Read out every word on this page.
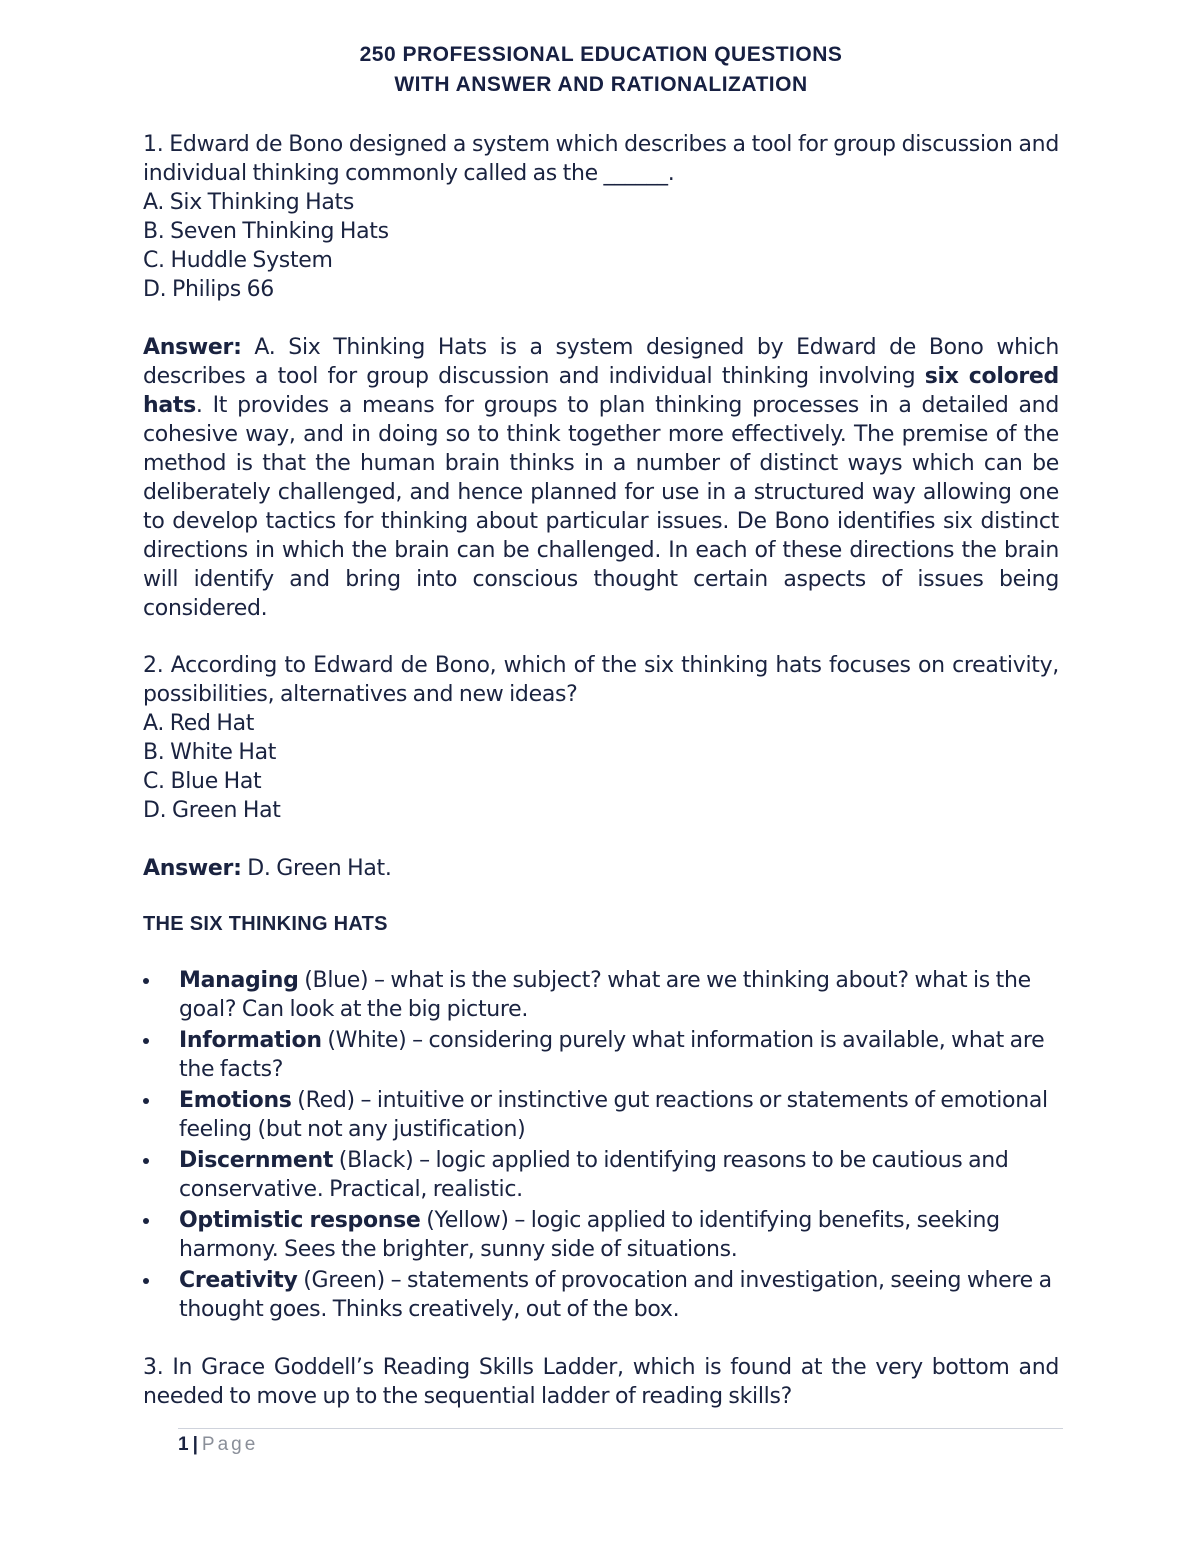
250 PROFESSIONAL EDUCATION QUESTIONS
WITH ANSWER AND RATIONALIZATION
1. Edward de Bono designed a system which describes a tool for group discussion and individual thinking commonly called as the ______.
A. Six Thinking Hats
B. Seven Thinking Hats
C. Huddle System
D. Philips 66

Answer: A. Six Thinking Hats is a system designed by Edward de Bono which describes a tool for group discussion and individual thinking involving six colored hats. It provides a means for groups to plan thinking processes in a detailed and cohesive way, and in doing so to think together more effectively. The premise of the method is that the human brain thinks in a number of distinct ways which can be deliberately challenged, and hence planned for use in a structured way allowing one to develop tactics for thinking about particular issues. De Bono identifies six distinct directions in which the brain can be challenged. In each of these directions the brain will identify and bring into conscious thought certain aspects of issues being considered.

2. According to Edward de Bono, which of the six thinking hats focuses on creativity, possibilities, alternatives and new ideas?
A. Red Hat
B. White Hat
C. Blue Hat
D. Green Hat

Answer: D. Green Hat.

THE SIX THINKING HATS
Managing (Blue) – what is the subject? what are we thinking about? what is the goal? Can look at the big picture.
Information (White) – considering purely what information is available, what are the facts?
Emotions (Red) – intuitive or instinctive gut reactions or statements of emotional feeling (but not any justification)
Discernment (Black) – logic applied to identifying reasons to be cautious and conservative. Practical, realistic.
Optimistic response (Yellow) – logic applied to identifying benefits, seeking harmony. Sees the brighter, sunny side of situations.
Creativity (Green) – statements of provocation and investigation, seeing where a thought goes. Thinks creatively, out of the box.

3. In Grace Goddell’s Reading Skills Ladder, which is found at the very bottom and needed to move up to the sequential ladder of reading skills?

1 | Page
